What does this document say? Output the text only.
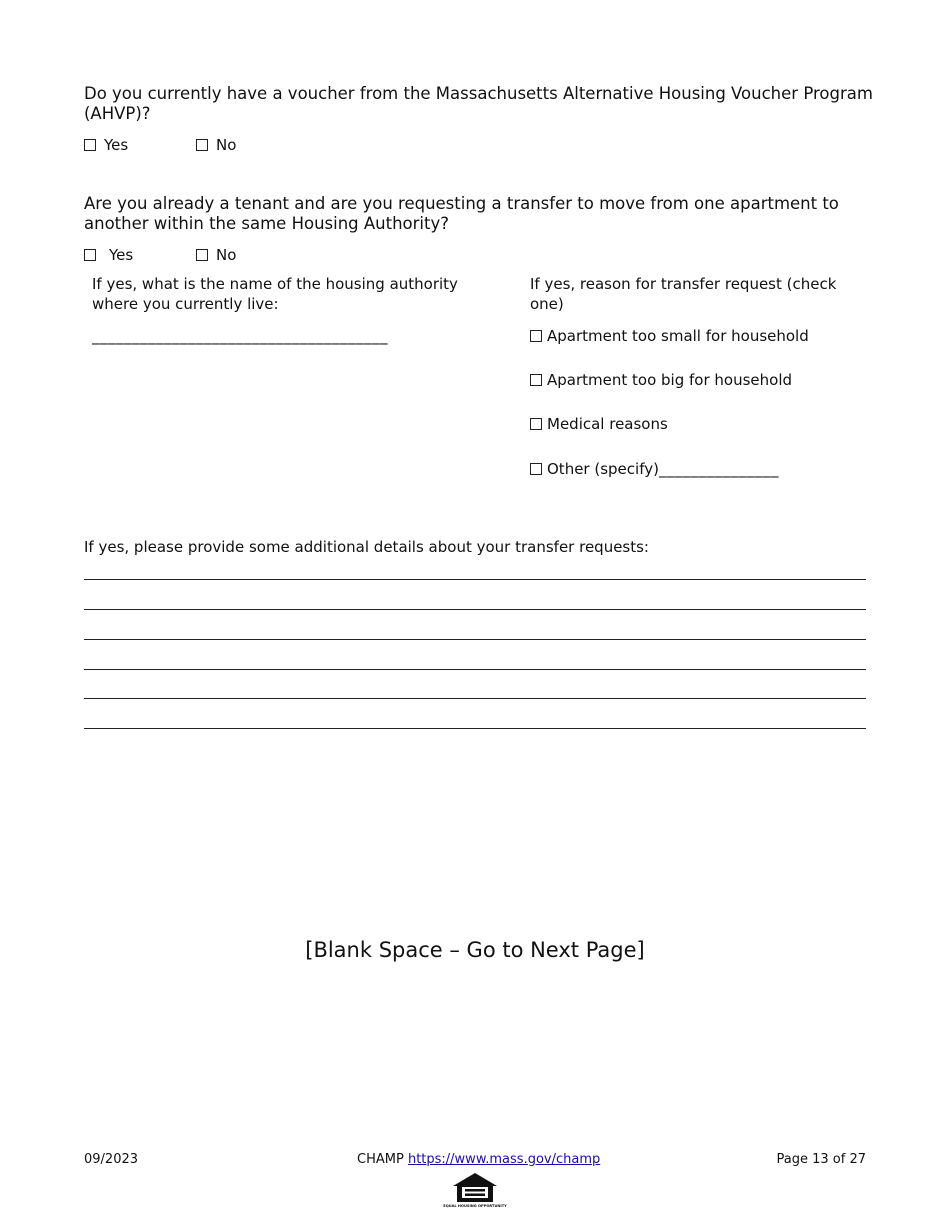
Do you currently have a voucher from the Massachusetts Alternative Housing Voucher Program (AHVP)?
Yes	No
Are you already a tenant and are you requesting a transfer to move from one apartment to another within the same Housing Authority?
Yes	No
If yes, what is the name of the housing authority where you currently live:
_____________________________________
If yes, reason for transfer request (check one)
Apartment too small for household
Apartment too big for household
Medical reasons
Other (specify)_______________
If yes, please provide some additional details about your transfer requests:
[Blank Space – Go to Next Page]
09/2023	CHAMP https://www.mass.gov/champ	Page 13 of 27
EQUAL HOUSING OPPORTUNITY
